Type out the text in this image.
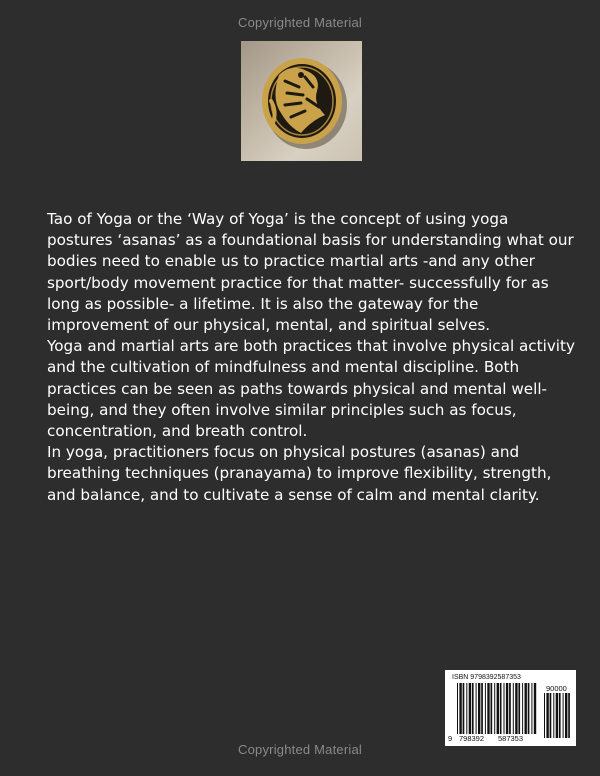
Copyrighted Material

Tao of Yoga or the ‘Way of Yoga’ is the concept of using yoga postures ‘asanas’ as a foundational basis for understanding what our bodies need to enable us to practice martial arts -and any other sport/body movement practice for that matter- successfully for as long as possible- a lifetime. It is also the gateway for the improvement of our physical, mental, and spiritual selves.

Yoga and martial arts are both practices that involve physical activity and the cultivation of mindfulness and mental discipline. Both practices can be seen as paths towards physical and mental well-being, and they often involve similar principles such as focus, concentration, and breath control.

In yoga, practitioners focus on physical postures (asanas) and breathing techniques (pranayama) to improve flexibility, strength, and balance, and to cultivate a sense of calm and mental clarity.

ISBN 9798392587353
90000
9 798392 587353
Copyrighted Material
